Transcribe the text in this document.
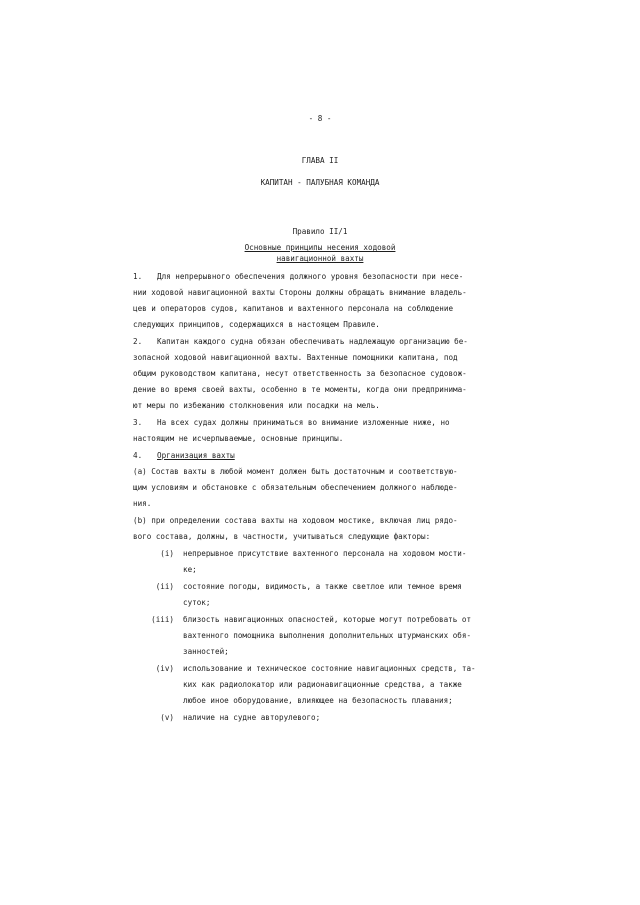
- 8 -
ГЛАВА II
КАПИТАН - ПАЛУБНАЯ КОМАНДА
Правило II/1
Основные принципы несения ходовой
навигационной вахты
1. Для непрерывного обеспечения должного уровня безопасности при несе-
нии ходовой навигационной вахты Стороны должны обращать внимание владель-
цев и операторов судов, капитанов и вахтенного персонала на соблюдение
следующих принципов, содержащихся в настоящем Правиле.
2. Капитан каждого судна обязан обеспечивать надлежащую организацию бе-
зопасной ходовой навигационной вахты. Вахтенные помощники капитана, под
общим руководством капитана, несут ответственность за безопасное судовож-
дение во время своей вахты, особенно в те моменты, когда они предпринима-
ют меры по избежанию столкновения или посадки на мель.
3. На всех судах должны приниматься во внимание изложенные ниже, но
настоящим не исчерпываемые, основные принципы.
4. Организация вахты
(a) Состав вахты в любой момент должен быть достаточным и соответствую-
щим условиям и обстановке с обязательным обеспечением должного наблюде-
ния.
(b) при определении состава вахты на ходовом мостике, включая лиц рядо-
вого состава, должны, в частности, учитываться следующие факторы:
(i) непрерывное присутствие вахтенного персонала на ходовом мости-
ке;
(ii) состояние погоды, видимость, а также светлое или темное время
суток;
(iii) близость навигационных опасностей, которые могут потребовать от
вахтенного помощника выполнения дополнительных штурманских обя-
занностей;
(iv) использование и техническое состояние навигационных средств, та-
ких как радиолокатор или радионавигационные средства, а также
любое иное оборудование, влияющее на безопасность плавания;
(v) наличие на судне авторулевого;
